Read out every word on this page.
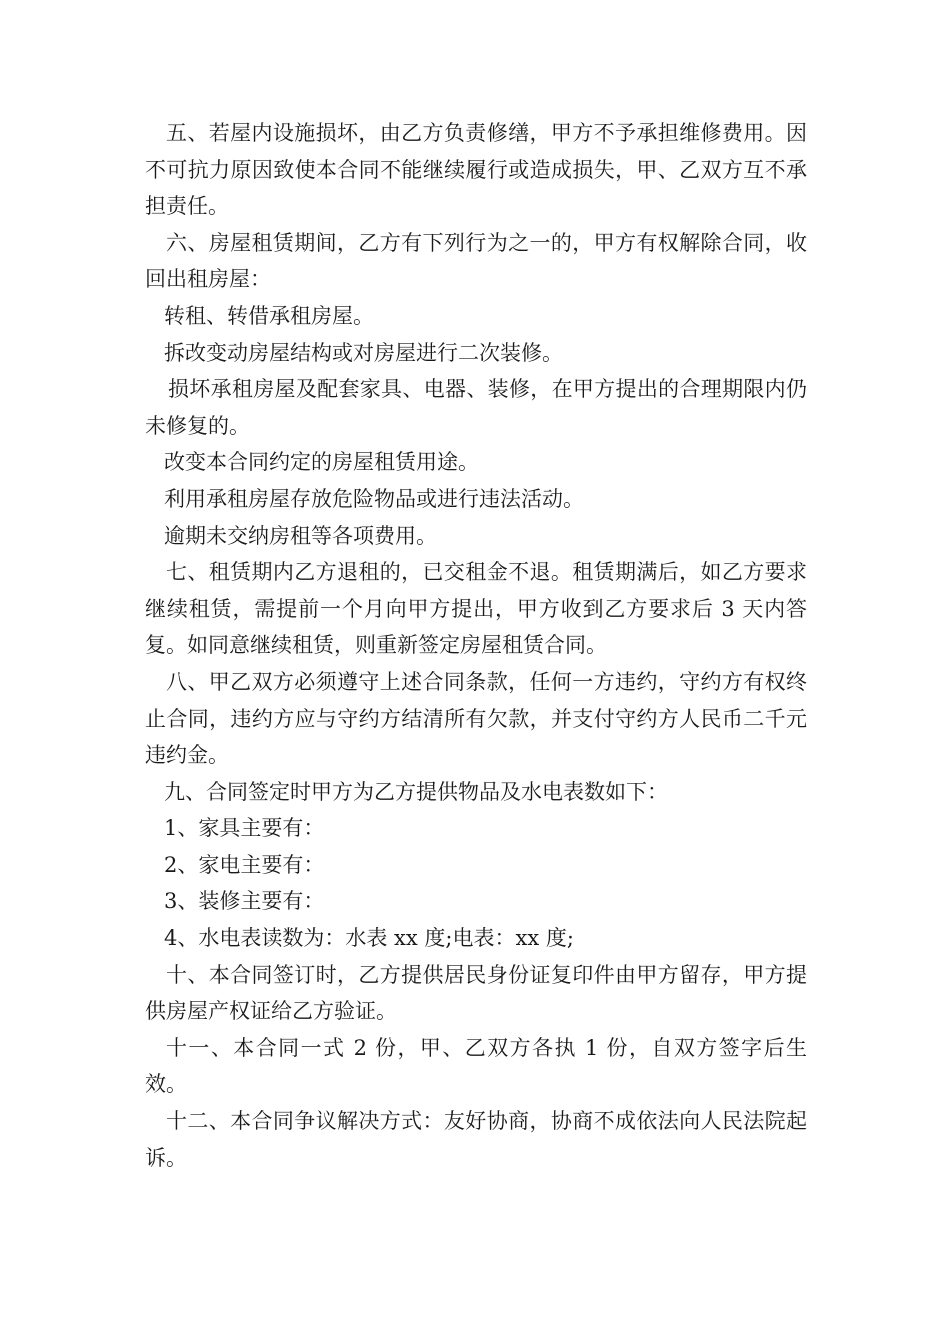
五、若屋内设施损坏，由乙方负责修缮，甲方不予承担维修费用。因不可抗力原因致使本合同不能继续履行或造成损失，甲、乙双方互不承担责任。

六、房屋租赁期间，乙方有下列行为之一的，甲方有权解除合同，收回出租房屋：

转租、转借承租房屋。

拆改变动房屋结构或对房屋进行二次装修。

损坏承租房屋及配套家具、电器、装修，在甲方提出的合理期限内仍未修复的。

改变本合同约定的房屋租赁用途。

利用承租房屋存放危险物品或进行违法活动。

逾期未交纳房租等各项费用。

七、租赁期内乙方退租的，已交租金不退。租赁期满后，如乙方要求继续租赁，需提前一个月向甲方提出，甲方收到乙方要求后 3 天内答复。如同意继续租赁，则重新签定房屋租赁合同。

八、甲乙双方必须遵守上述合同条款，任何一方违约，守约方有权终止合同，违约方应与守约方结清所有欠款，并支付守约方人民币二千元违约金。

九、合同签定时甲方为乙方提供物品及水电表数如下：

1、家具主要有：

2、家电主要有：

3、装修主要有：

4、水电表读数为：水表 xx 度;电表：xx 度;

十、本合同签订时，乙方提供居民身份证复印件由甲方留存，甲方提供房屋产权证给乙方验证。

十一、本合同一式 2 份，甲、乙双方各执 1 份，自双方签字后生效。

十二、本合同争议解决方式：友好协商，协商不成依法向人民法院起诉。
